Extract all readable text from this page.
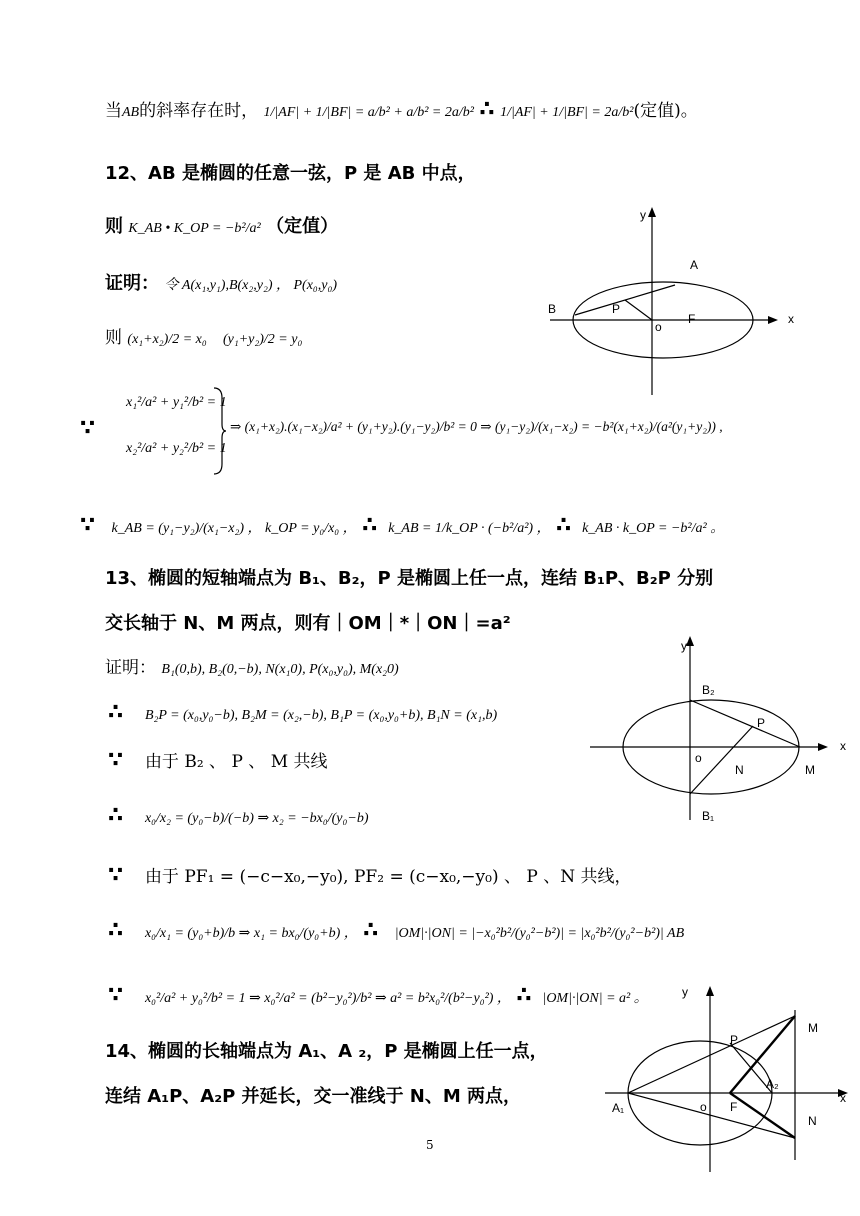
当AB的斜率存在时， 1/|AF| + 1/|BF| = a/b² + a/b² = 2a/b² ∴ 1/|AF| + 1/|BF| = 2a/b²(定值)。
12、AB 是椭圆的任意一弦，P 是 AB 中点，
则 K_AB • K_OP = −b²/a² （定值）
证明： 令 A(x₁,y₁),B(x₂,y₂) ， P(x₀,y₀)
则 (x₁+x₂)/2 = x₀ (y₁+y₂)/2 = y₀
∵
x₁²/a² + y₁²/b² = 1
x₂²/a² + y₂²/b² = 1
⇒ (x₁+x₂).(x₁−x₂)/a² + (y₁+y₂).(y₁−y₂)/b² = 0 ⇒ (y₁−y₂)/(x₁−x₂) = −b²(x₁+x₂)/(a²(y₁+y₂)) ,
∵ k_AB = (y₁−y₂)/(x₁−x₂) ， k_OP = y₀/x₀ ， ∴ k_AB = 1/k_OP · (−b²/a²) ， ∴ k_AB · k_OP = −b²/a² 。
y
x
A
B	P
o
F
13、椭圆的短轴端点为 B₁、B₂，P 是椭圆上任一点，连结 B₁P、B₂P 分别
交长轴于 N、M 两点，则有｜OM｜*｜ON｜=a²
证明： B₁(0,b), B₂(0,−b), N(x₁0), P(x₀,y₀), M(x₂0)
∴ B₂P = (x₀,y₀−b), B₂M = (x₂,−b), B₁P = (x₀,y₀+b), B₁N = (x₁,b)
∵ 由于 B₂ 、 P 、 M 共线
∴ x₀/x₂ = (y₀−b)/(−b) ⇒ x₂ = −bx₀/(y₀−b)
∵ 由于 PF₁ = (−c−x₀,−y₀), PF₂ = (c−x₀,−y₀) 、 P 、N 共线，
∴ x₀/x₁ = (y₀+b)/b ⇒ x₁ = bx₀/(y₀+b) ， ∴ |OM|·|ON| = |−x₀²b²/(y₀²−b²)| = |x₀²b²/(y₀²−b²)| AB
∵ x₀²/a² + y₀²/b² = 1 ⇒ x₀²/a² = (b²−y₀²)/b² ⇒ a² = b²x₀²/(b²−y₀²) ， ∴ |OM|·|ON| = a² 。
y
x
B₂
B₁
P
o
N	M
14、椭圆的长轴端点为 A₁、A ₂，P 是椭圆上任一点，
连结 A₁P、A₂P 并延长，交一准线于 N、M 两点，
y
x
P
A₁
A₂
o F
M
N
5
